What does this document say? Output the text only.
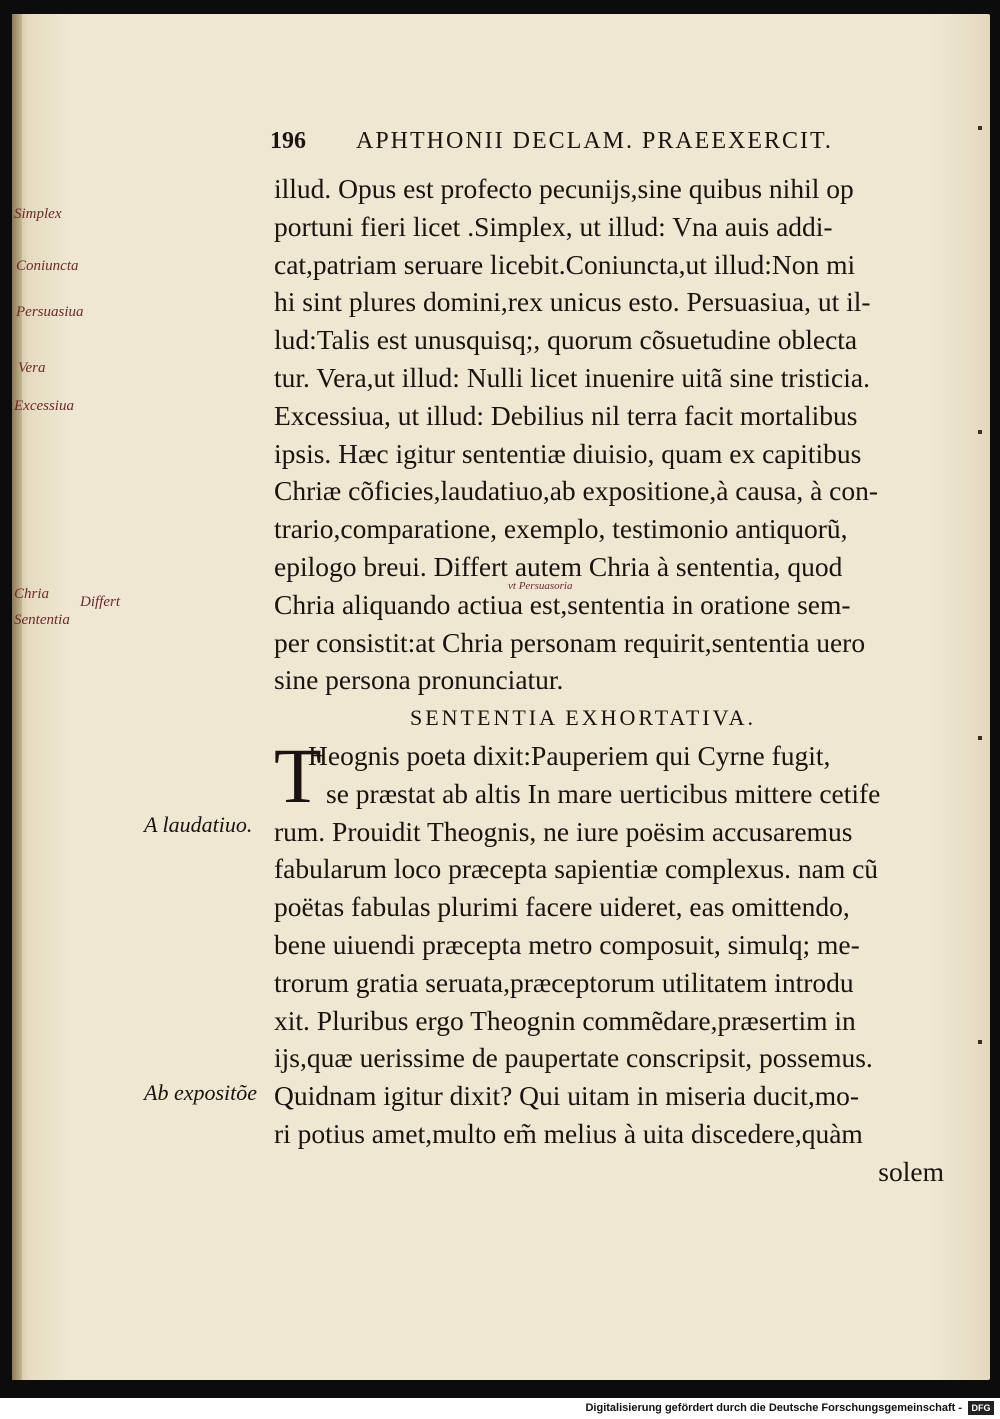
196 APHTHONII DECLAM. PRAEEXERCIT.
Simplex
Coniuncta
Persuasiua
Vera
Excessiua
Chria
Sententia
Differt
vt Persuasoria
A laudatiuo.
Ab expositõe
illud. Opus est profecto pecunijs,sine quibus nihil op
portuni fieri licet .Simplex, ut illud: Vna auis addi-
cat,patriam seruare licebit.Coniuncta,ut illud:Non mi
hi sint plures domini,rex unicus esto. Persuasiua, ut il-
lud:Talis est unusquisq;, quorum cõsuetudine oblectа
tur. Vera,ut illud: Nulli licet inuenire uitã sine tristicia.
Excessiua, ut illud: Debilius nil terra facit mortalibus
ipsis. Hæc igitur sententiæ diuisio, quam ex capitibus
Chriæ cõficies,laudatiuo,ab expositione,à causa, à con-
trario,comparatione, exemplo, testimonio antiquorũ,
epilogo breui. Differt autem Chria à sententia, quod
Chria aliquando actiua est,sententia in oratione sem-
per consistit:at Chria personam requirit,sententia uero
sine persona pronunciatur.
SENTENTIA EXHORTATIVA.
T
Heognis poeta dixit:Pauperiem qui Cyrne fugit,
se præstat ab altis In mare uerticibus mittere cetife
rum. Prouidit Theognis, ne iure poësim accusaremus
fabularum loco præcepta sapientiæ complexus. nam cũ
poëtas fabulas plurimi facere uideret, eas omittendo,
bene uiuendi præcepta metro composuit, simulq; me-
trorum gratia seruata,præceptorum utilitatem introdu
xit. Pluribus ergo Theognin commẽdare,præsertim in
ijs,quæ uerissime de paupertate conscripsit, possemus.
Quidnam igitur dixit? Qui uitam in miseria ducit,mo-
ri potius amet,multo em̃ melius à uita discedere,quàm
solem
Digitalisierung gefördert durch die Deutsche Forschungsgemeinschaft -	DFG
